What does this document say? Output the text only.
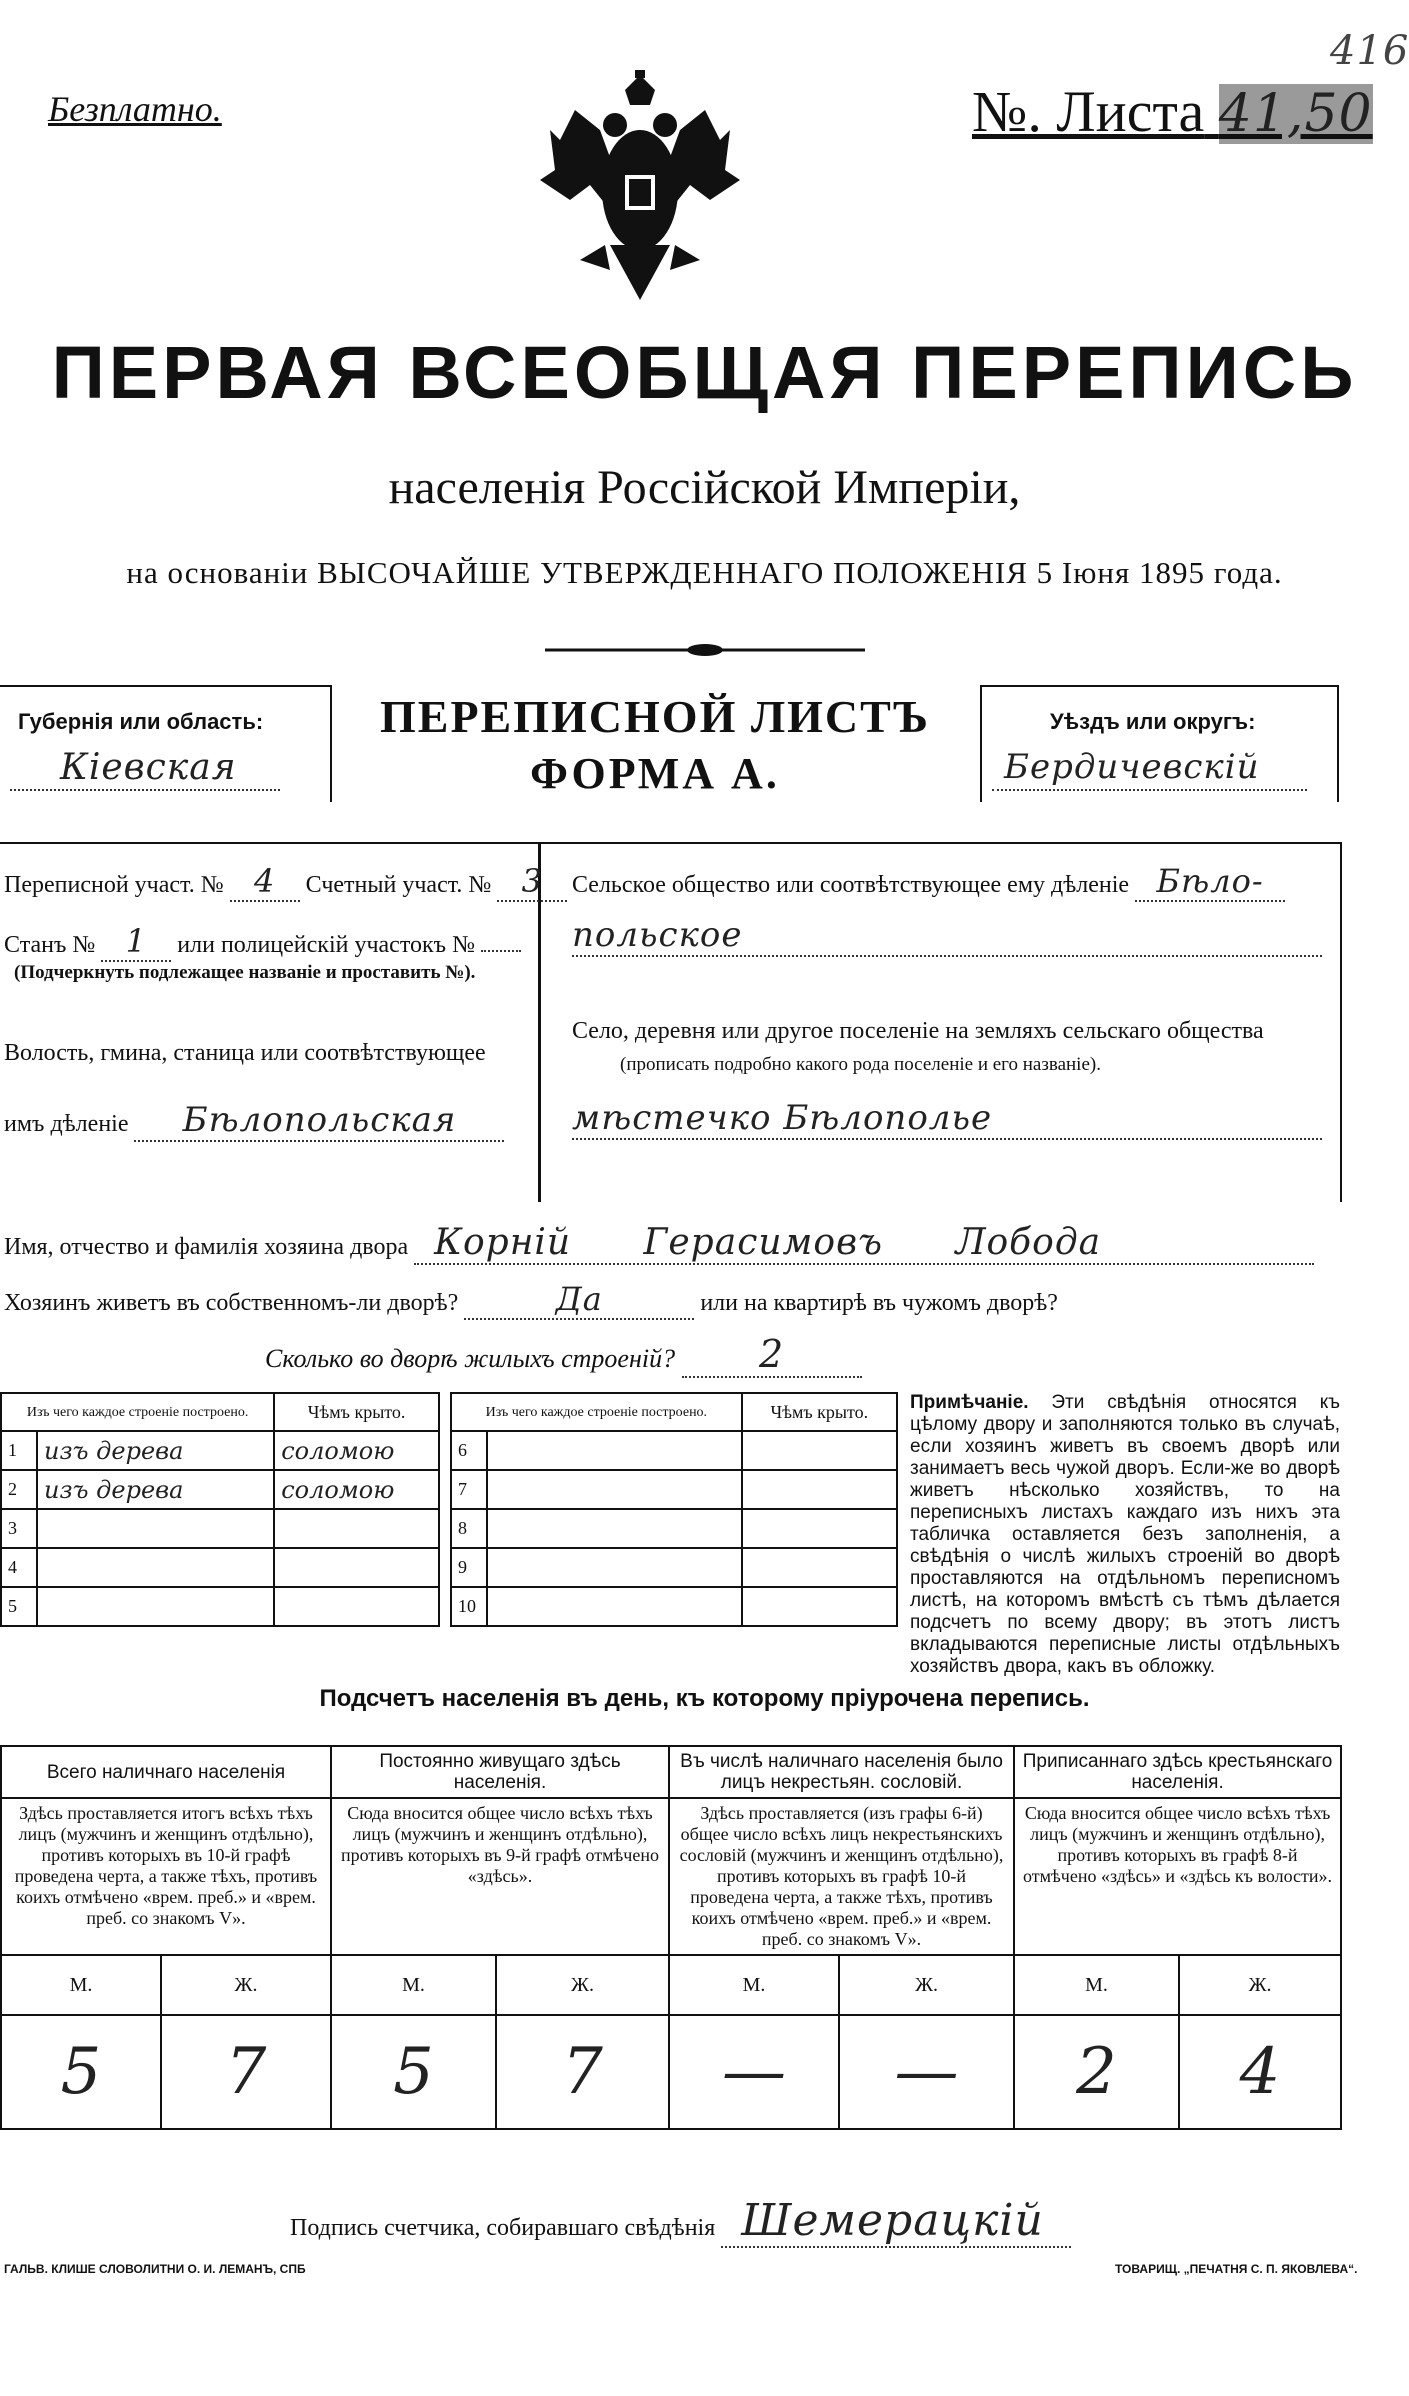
Безплатно.	№. Листа 41,50
416
ПЕРВАЯ ВСЕОБЩАЯ ПЕРЕПИСЬ
населенія Россійской Имперіи,
на основаніи ВЫСОЧАЙШЕ УТВЕРЖДЕННАГО ПОЛОЖЕНІЯ 5 Іюня 1895 года.
Губернія или область:
Кіевская
ПЕРЕПИСНОЙ ЛИСТЪ
ФОРМА А.
Уѣздъ или округъ:
Бердичевскій
Переписной участ. № 4 Счетный участ. № 3
Станъ № 1 или полицейскій участокъ №
(Подчеркнуть подлежащее названіе и проставить №).
Волость, гмина, станица или соотвѣтствующее
имъ дѣленіе Бѣлопольская
Сельское общество или соотвѣтствующее ему дѣленіе Бѣло-
польское
Село, деревня или другое поселеніе на земляхъ сельскаго общества
(прописать подробно какого рода поселеніе и его названіе).
мѣстечко Бѣлополье
Имя, отчество и фамилія хозяина двора Корній Герасимовъ Лобода
Хозяинъ живетъ въ собственномъ-ли дворѣ?	Да	или на квартирѣ въ чужомъ дворѣ?
Сколько во дворѣ жилыхъ строеній? 2
Изъ чего каждое строеніе построено.		Чѣмъ крыто.
1	изъ дерева	соломою
2	изъ дерева	соломою
3		
4		
5		
Изъ чего каждое строеніе построено.		Чѣмъ крыто.
6		
7		
8		
9		
10		
Примѣчаніе. Эти свѣдѣнія относятся къ цѣлому двору и заполняются только въ случаѣ, если хозяинъ живетъ въ своемъ дворѣ или занимаетъ весь чужой дворъ. Если-же во дворѣ живетъ нѣсколько хозяйствъ, то на переписныхъ листахъ каждаго изъ нихъ эта табличка оставляется безъ заполненія, а свѣдѣнія о числѣ жилыхъ строеній во дворѣ проставляются на отдѣльномъ переписномъ листѣ, на которомъ вмѣстѣ съ тѣмъ дѣлается подсчетъ по всему двору; въ этотъ листъ вкладываются переписные листы отдѣльныхъ хозяйствъ двора, какъ въ обложку.
Подсчетъ населенія въ день, къ которому пріурочена перепись.
Всего наличнаго населенія		Постоянно живущаго здѣсь населенія.		Въ числѣ наличнаго населенія было лицъ некрестьян. сословій.		Приписаннаго здѣсь крестьянскаго населенія.	
Здѣсь проставляется итогъ всѣхъ тѣхъ лицъ (мужчинъ и женщинъ отдѣльно), противъ которыхъ въ 10-й графѣ проведена черта, а также тѣхъ, противъ коихъ отмѣчено «врем. преб.» и «врем. преб. со знакомъ V».		Сюда вносится общее число всѣхъ тѣхъ лицъ (мужчинъ и женщинъ отдѣльно), противъ которыхъ въ 9-й графѣ отмѣчено «здѣсь».		Здѣсь проставляется (изъ графы 6-й) общее число всѣхъ лицъ некрестьянскихъ сословій (мужчинъ и женщинъ отдѣльно), противъ которыхъ въ графѣ 10-й проведена черта, а также тѣхъ, противъ коихъ отмѣчено «врем. преб.» и «врем. преб. со знакомъ V».		Сюда вносится общее число всѣхъ тѣхъ лицъ (мужчинъ и женщинъ отдѣльно), противъ которыхъ въ графѣ 8-й отмѣчено «здѣсь» и «здѣсь къ волости».	
М.	Ж.	М.	Ж.	М.	Ж.	М.	Ж.
5	7	5	7	—	—	2	4
Подпись счетчика, собиравшаго свѣдѣнія Шемерацкій
ГАЛЬВ. КЛИШЕ СЛОВОЛИТНИ О. И. ЛЕМАНЪ, СПБ	ТОВАРИЩ. „ПЕЧАТНЯ С. П. ЯКОВЛЕВА“.
